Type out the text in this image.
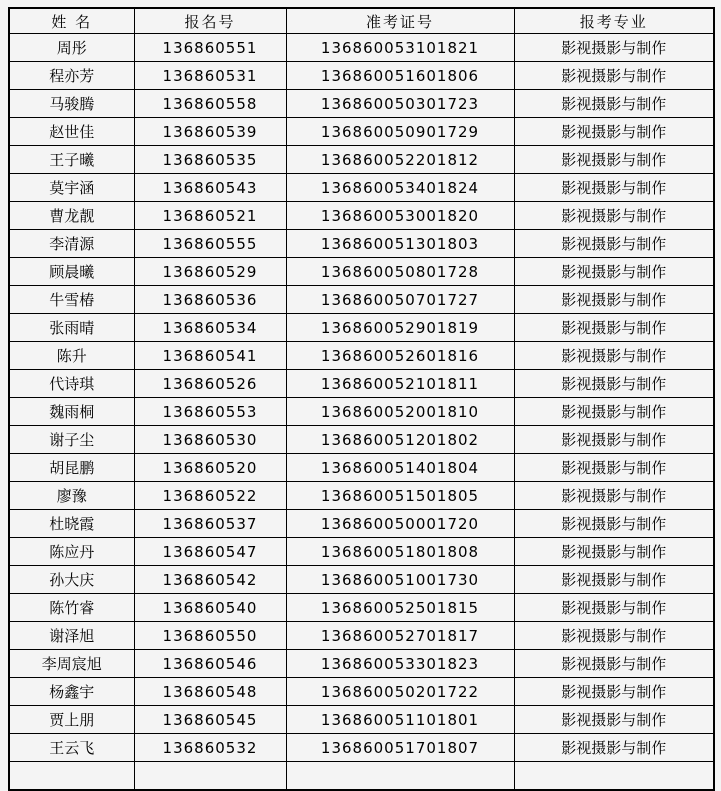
姓 名	报名号	准考证号	报考专业
周彤	136860551	136860053101821	影视摄影与制作
程亦芳	136860531	136860051601806	影视摄影与制作
马骏腾	136860558	136860050301723	影视摄影与制作
赵世佳	136860539	136860050901729	影视摄影与制作
王子曦	136860535	136860052201812	影视摄影与制作
莫宇涵	136860543	136860053401824	影视摄影与制作
曹龙靓	136860521	136860053001820	影视摄影与制作
李清源	136860555	136860051301803	影视摄影与制作
顾晨曦	136860529	136860050801728	影视摄影与制作
牛雪椿	136860536	136860050701727	影视摄影与制作
张雨晴	136860534	136860052901819	影视摄影与制作
陈升	136860541	136860052601816	影视摄影与制作
代诗琪	136860526	136860052101811	影视摄影与制作
魏雨桐	136860553	136860052001810	影视摄影与制作
谢子尘	136860530	136860051201802	影视摄影与制作
胡昆鹏	136860520	136860051401804	影视摄影与制作
廖豫	136860522	136860051501805	影视摄影与制作
杜晓霞	136860537	136860050001720	影视摄影与制作
陈应丹	136860547	136860051801808	影视摄影与制作
孙大庆	136860542	136860051001730	影视摄影与制作
陈竹睿	136860540	136860052501815	影视摄影与制作
谢泽旭	136860550	136860052701817	影视摄影与制作
李周宸旭	136860546	136860053301823	影视摄影与制作
杨鑫宇	136860548	136860050201722	影视摄影与制作
贾上朋	136860545	136860051101801	影视摄影与制作
王云飞	136860532	136860051701807	影视摄影与制作
